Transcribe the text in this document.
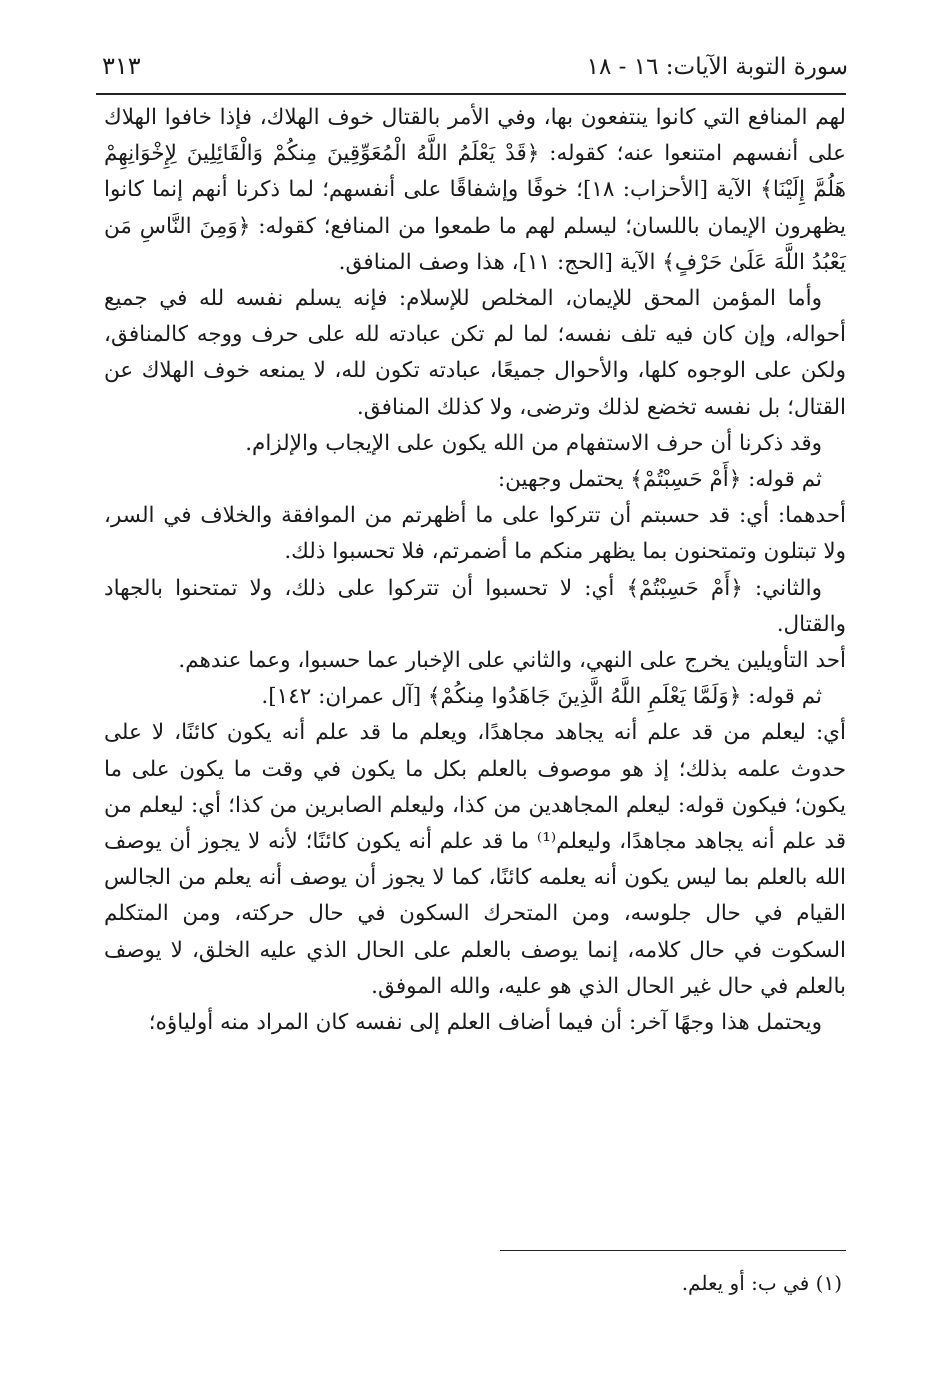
سورة التوبة الآيات: ١٦ - ١٨
٣١٣

لهم المنافع التي كانوا ينتفعون بها، وفي الأمر بالقتال خوف الهلاك، فإذا خافوا الهلاك على أنفسهم امتنعوا عنه؛ كقوله: ﴿قَدْ يَعْلَمُ اللَّهُ الْمُعَوِّقِينَ مِنكُمْ وَالْقَائِلِينَ لِإِخْوَانِهِمْ هَلُمَّ إِلَيْنَا﴾ الآية [الأحزاب: ١٨]؛ خوفًا وإشفاقًا على أنفسهم؛ لما ذكرنا أنهم إنما كانوا يظهرون الإيمان باللسان؛ ليسلم لهم ما طمعوا من المنافع؛ كقوله: ﴿وَمِنَ النَّاسِ مَن يَعْبُدُ اللَّهَ عَلَىٰ حَرْفٍ﴾ الآية [الحج: ١١]، هذا وصف المنافق.

وأما المؤمن المحق للإيمان، المخلص للإسلام: فإنه يسلم نفسه لله في جميع أحواله، وإن كان فيه تلف نفسه؛ لما لم تكن عبادته لله على حرف ووجه كالمنافق، ولكن على الوجوه كلها، والأحوال جميعًا، عبادته تكون لله، لا يمنعه خوف الهلاك عن القتال؛ بل نفسه تخضع لذلك وترضى، ولا كذلك المنافق.

وقد ذكرنا أن حرف الاستفهام من الله يكون على الإيجاب والإلزام.

ثم قوله: ﴿أَمْ حَسِبْتُمْ﴾ يحتمل وجهين:

أحدهما: أي: قد حسبتم أن تتركوا على ما أظهرتم من الموافقة والخلاف في السر، ولا تبتلون وتمتحنون بما يظهر منكم ما أضمرتم، فلا تحسبوا ذلك.

والثاني: ﴿أَمْ حَسِبْتُمْ﴾ أي: لا تحسبوا أن تتركوا على ذلك، ولا تمتحنوا بالجهاد والقتال.

أحد التأويلين يخرج على النهي، والثاني على الإخبار عما حسبوا، وعما عندهم.

ثم قوله: ﴿وَلَمَّا يَعْلَمِ اللَّهُ الَّذِينَ جَاهَدُوا مِنكُمْ﴾ [آل عمران: ١٤٢].

أي: ليعلم من قد علم أنه يجاهد مجاهدًا، ويعلم ما قد علم أنه يكون كائنًا، لا على حدوث علمه بذلك؛ إذ هو موصوف بالعلم بكل ما يكون في وقت ما يكون على ما يكون؛ فيكون قوله: ليعلم المجاهدين من كذا، وليعلم الصابرين من كذا؛ أي: ليعلم من قد علم أنه يجاهد مجاهدًا، وليعلم⁽¹⁾ ما قد علم أنه يكون كائنًا؛ لأنه لا يجوز أن يوصف الله بالعلم بما ليس يكون أنه يعلمه كائنًا، كما لا يجوز أن يوصف أنه يعلم من الجالس القيام في حال جلوسه، ومن المتحرك السكون في حال حركته، ومن المتكلم السكوت في حال كلامه، إنما يوصف بالعلم على الحال الذي عليه الخلق، لا يوصف بالعلم في حال غير الحال الذي هو عليه، والله الموفق.

ويحتمل هذا وجهًا آخر: أن فيما أضاف العلم إلى نفسه كان المراد منه أولياؤه؛

(١) في ب: أو يعلم.
